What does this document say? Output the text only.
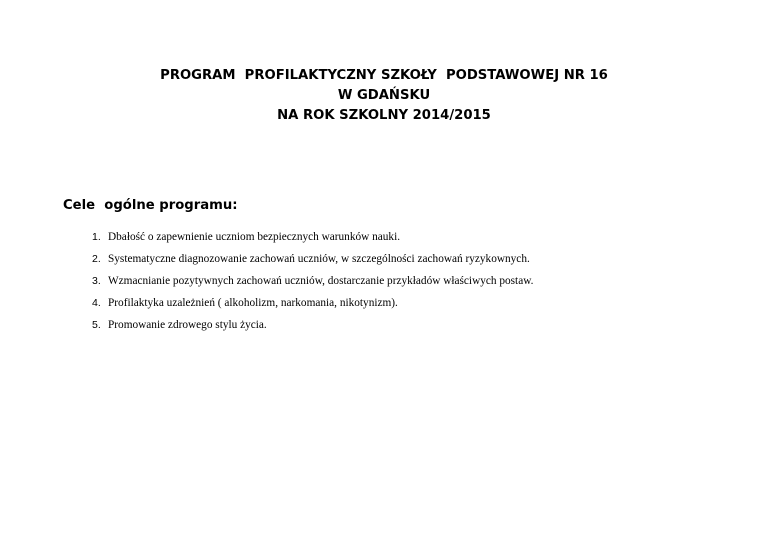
PROGRAM  PROFILAKTYCZNY SZKOŁY  PODSTAWOWEJ NR 16
W GDAŃSKU
NA ROK SZKOLNY 2014/2015
Cele  ogólne programu:
1. Dbałość o zapewnienie uczniom bezpiecznych warunków nauki.
2. Systematyczne diagnozowanie zachowań uczniów, w szczególności zachowań ryzykownych.
3. Wzmacnianie pozytywnych zachowań uczniów, dostarczanie przykładów właściwych postaw.
4. Profilaktyka uzależnień ( alkoholizm, narkomania, nikotynizm).
5. Promowanie zdrowego stylu życia.
